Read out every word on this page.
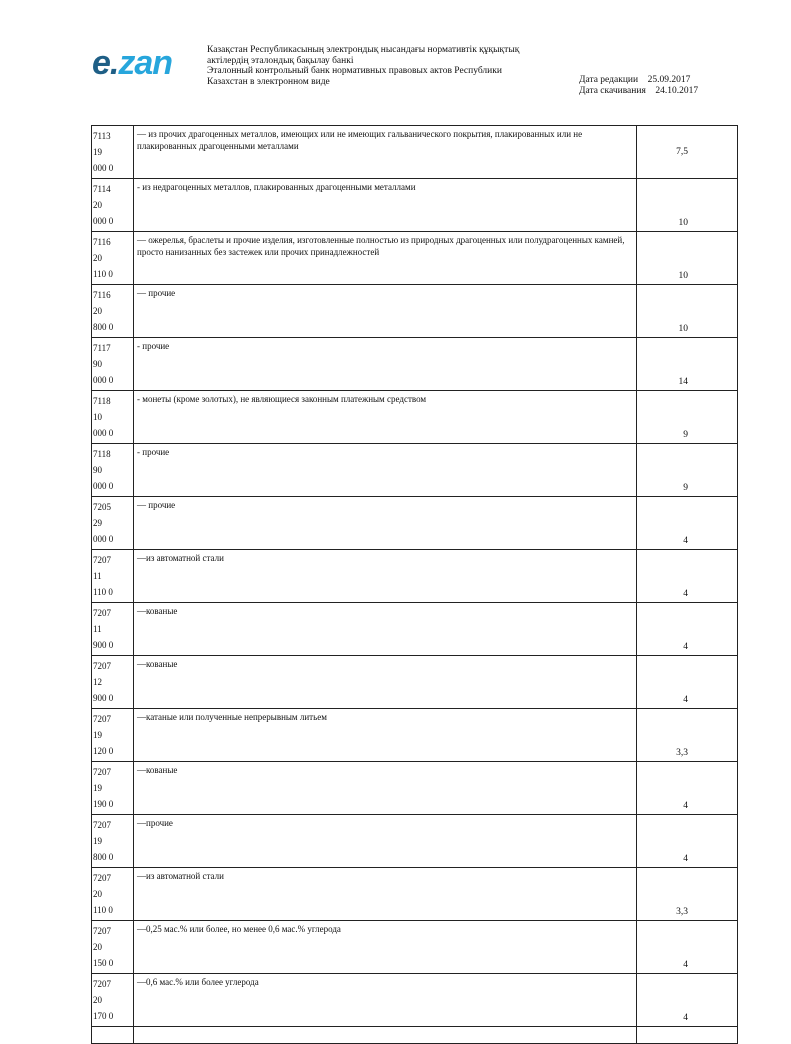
e.zan	Казақстан Республикасының электрондық нысандағы нормативтік құқықтық
актілердің эталондық бақылау банкі
Эталонный контрольный банк нормативных правовых актов Республики
Казахстан в электронном виде	Дата редакции 25.09.2017
Дата скачивания 24.10.2017
7113
19
000 0	— из прочих драгоценных металлов, имеющих или не имеющих гальванического покрытия, плакированных или не плакированных драгоценными металлами	7,5

7114
20
000 0	- из недрагоценных металлов, плакированных драгоценными металлами	10

7116
20
110 0	— ожерелья, браслеты и прочие изделия, изготовленные полностью из природных драгоценных или полудрагоценных камней, просто нанизанных без застежек или прочих принадлежностей	10

7116
20
800 0	— прочие	10

7117
90
000 0	- прочие	14

7118
10
000 0	- монеты (кроме золотых), не являющиеся законным платежным средством	9

7118
90
000 0	- прочие	9

7205
29
000 0	— прочие	4

7207
11
110 0	—из автоматной стали	4

7207
11
900 0	—кованые	4

7207
12
900 0	—кованые	4

7207
19
120 0	—катаные или полученные непрерывным литьем	3,3

7207
19
190 0	—кованые	4

7207
19
800 0	—прочие	4

7207
20
110 0	—из автоматной стали	3,3

7207
20
150 0	—0,25 мас.% или более, но менее 0,6 мас.% углерода	4

7207
20
170 0	—0,6 мас.% или более углерода	4
